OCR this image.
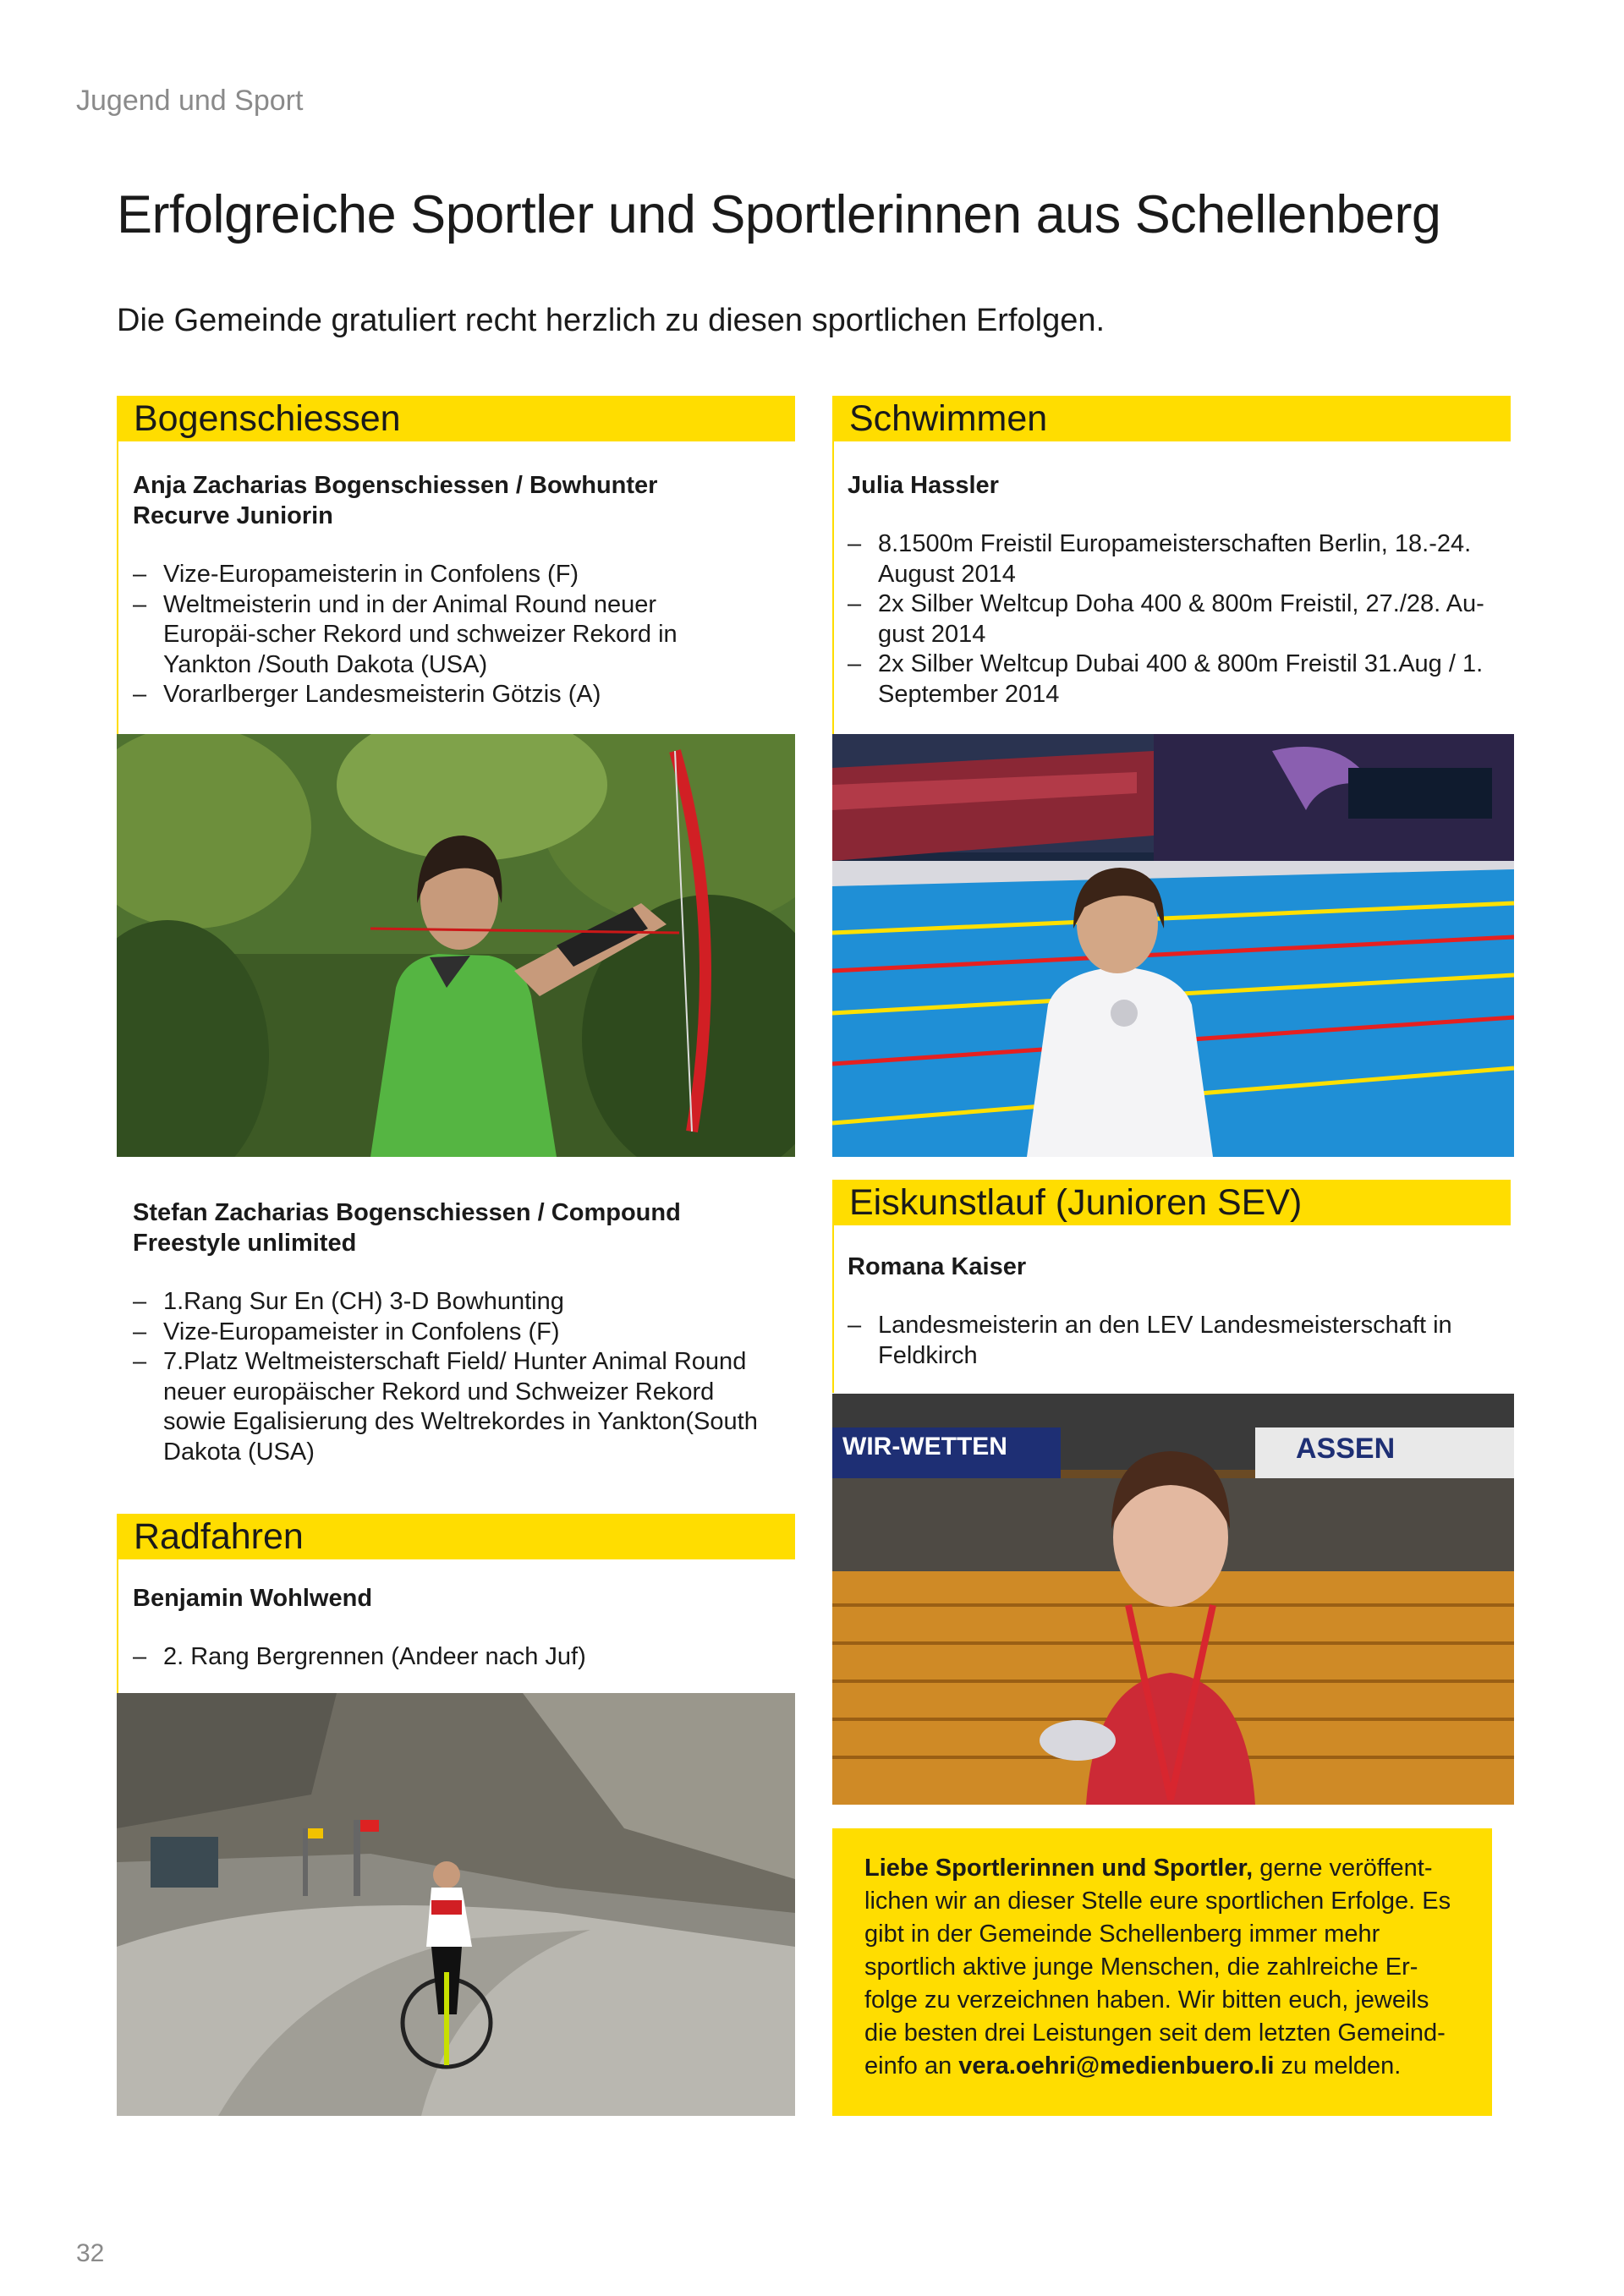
Jugend und Sport
Erfolgreiche Sportler und Sportlerinnen aus Schellenberg
Die Gemeinde gratuliert recht herzlich zu diesen sportlichen Erfolgen.
Bogenschiessen
Anja Zacharias Bogenschiessen / Bowhunter
Recurve Juniorin
– Vize-Europameisterin in Confolens (F)
– Weltmeisterin und in der Animal Round neuer Europäi-scher Rekord und schweizer Rekord in Yankton /South Dakota (USA)
– Vorarlberger Landesmeisterin Götzis (A)
Stefan Zacharias Bogenschiessen / Compound
Freestyle unlimited
– 1.Rang Sur En (CH) 3-D Bowhunting
– Vize-Europameister in Confolens (F)
– 7.Platz Weltmeisterschaft Field/ Hunter Animal Round neuer europäischer Rekord und Schweizer Rekord sowie Egalisierung des Weltrekordes in Yankton(South Dakota (USA)
Radfahren
Benjamin Wohlwend
– 2. Rang Bergrennen (Andeer nach Juf)
Schwimmen
Julia Hassler
– 8.1500m Freistil Europameisterschaften Berlin, 18.-24. August 2014
– 2x Silber Weltcup Doha 400 & 800m Freistil, 27./28. Au-gust 2014
– 2x Silber Weltcup Dubai 400 & 800m Freistil 31.Aug / 1. September 2014
Eiskunstlauf (Junioren SEV)
Romana Kaiser
– Landesmeisterin an den LEV Landesmeisterschaft in Feldkirch
WIR-WETTEN	ASSEN
Liebe Sportlerinnen und Sportler, gerne veröffent-lichen wir an dieser Stelle eure sportlichen Erfolge. Es gibt in der Gemeinde Schellenberg immer mehr sportlich aktive junge Menschen, die zahlreiche Er-folge zu verzeichnen haben. Wir bitten euch, jeweils die besten drei Leistungen seit dem letzten Gemeind-einfo an vera.oehri@medienbuero.li zu melden.
32
